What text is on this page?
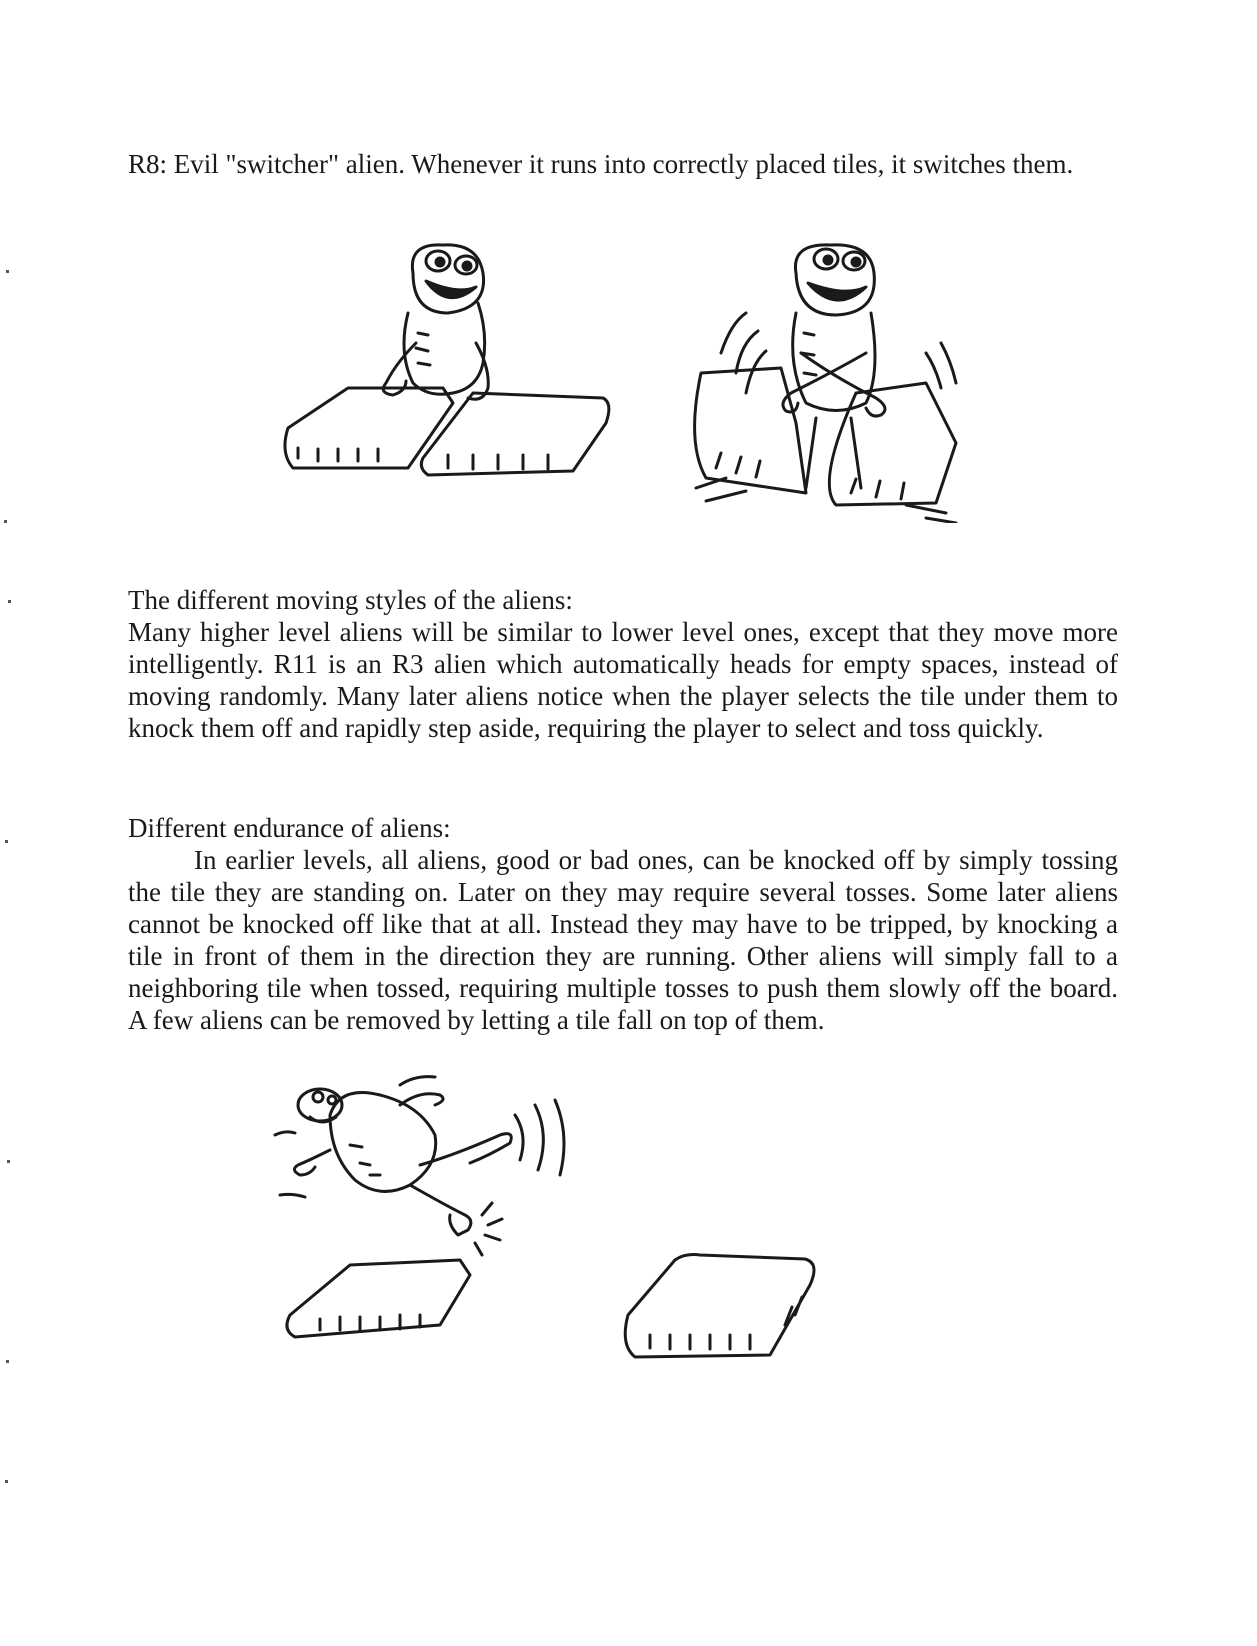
R8: Evil "switcher" alien. Whenever it runs into correctly placed tiles, it switches them.

The different moving styles of the aliens:
Many higher level aliens will be similar to lower level ones, except that they move more intelligently. R11 is an R3 alien which automatically heads for empty spaces, instead of moving randomly. Many later aliens notice when the player selects the tile under them to knock them off and rapidly step aside, requiring the player to select and toss quickly.

Different endurance of aliens:
In earlier levels, all aliens, good or bad ones, can be knocked off by simply tossing the tile they are standing on. Later on they may require several tosses. Some later aliens cannot be knocked off like that at all. Instead they may have to be tripped, by knocking a tile in front of them in the direction they are running. Other aliens will simply fall to a neighboring tile when tossed, requiring multiple tosses to push them slowly off the board. A few aliens can be removed by letting a tile fall on top of them.
